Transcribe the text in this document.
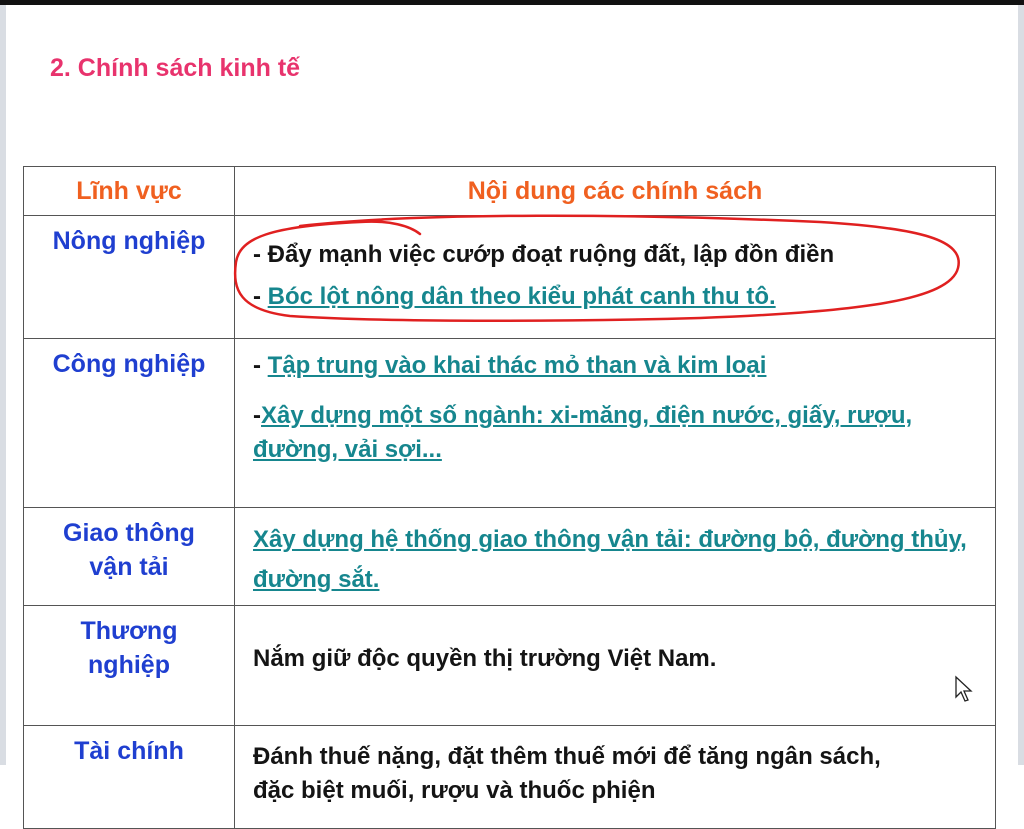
2. Chính sách kinh tế
Lĩnh vực	Nội dung các chính sách
Nông nghiệp	- Đẩy mạnh việc cướp đoạt ruộng đất, lập đồn điền
- Bóc lột nông dân theo kiểu phát canh thu tô.

Công nghiệp	- Tập trung vào khai thác mỏ than và kim loại
-Xây dựng một số ngành: xi-măng, điện nước, giấy, rượu, đường, vải sợi...

Giao thông vận tải	Xây dựng hệ thống giao thông vận tải: đường bộ, đường thủy, đường sắt.

Thương nghiệp	Nắm giữ độc quyền thị trường Việt Nam.

Tài chính	Đánh thuế nặng, đặt thêm thuế mới để tăng ngân sách, đặc biệt muối, rượu và thuốc phiện
